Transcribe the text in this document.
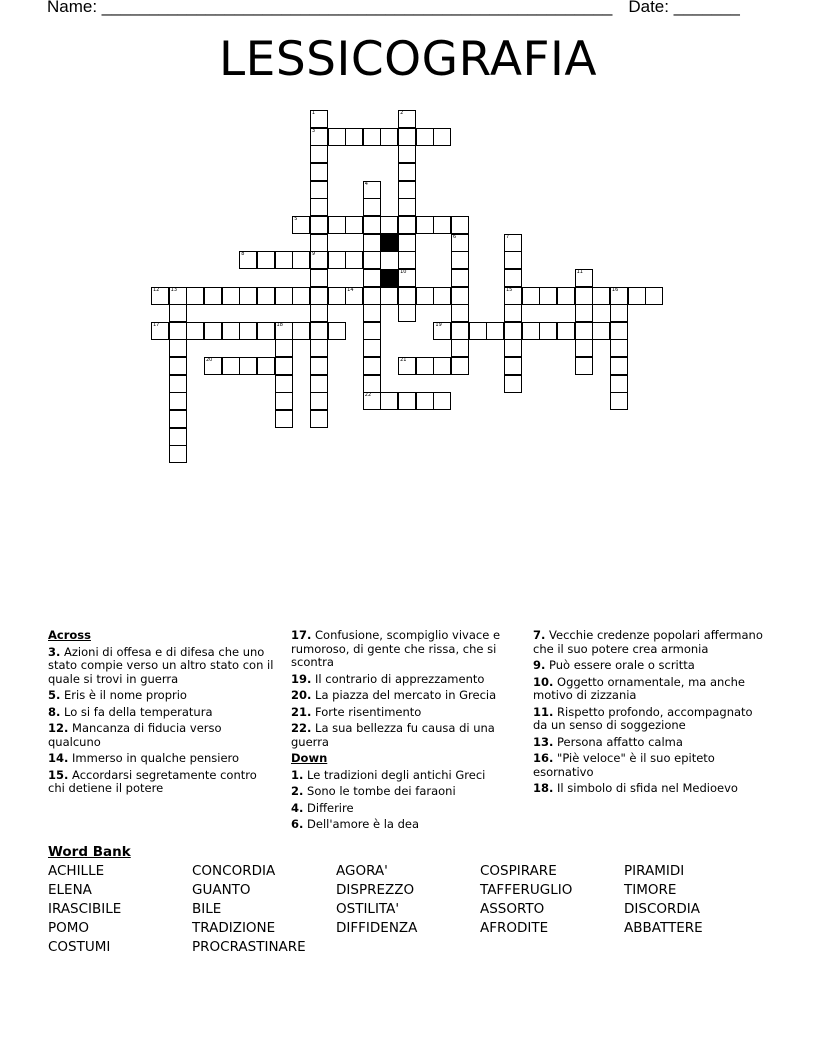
Name: ______________________________________________________ Date: _______
LESSICOGRAFIA
3
5
8	9
12 13	14	15	16
17	18	19
20	21
22
1	2
10
4
6	7
11
Across
3. Azioni di offesa e di difesa che uno stato compie verso un altro stato con il quale si trovi in guerra
5. Eris è il nome proprio
8. Lo si fa della temperatura
12. Mancanza di fiducia verso qualcuno
14. Immerso in qualche pensiero
15. Accordarsi segretamente contro chi detiene il potere
17. Confusione, scompiglio vivace e rumoroso, di gente che rissa, che si scontra
19. Il contrario di apprezzamento
20. La piazza del mercato in Grecia
21. Forte risentimento
22. La sua bellezza fu causa di una guerra
Down
1. Le tradizioni degli antichi Greci
2. Sono le tombe dei faraoni
4. Differire
6. Dell'amore è la dea
7. Vecchie credenze popolari affermano che il suo potere crea armonia
9. Può essere orale o scritta
10. Oggetto ornamentale, ma anche motivo di zizzania
11. Rispetto profondo, accompagnato da un senso di soggezione
13. Persona affatto calma
16. "Piè veloce" è il suo epiteto esornativo
18. Il simbolo di sfida nel Medioevo
Word Bank
ACHILLE	CONCORDIA	AGORA'	COSPIRARE	PIRAMIDI
ELENA	GUANTO	DISPREZZO	TAFFERUGLIO	TIMORE
IRASCIBILE	BILE	OSTILITA'	ASSORTO	DISCORDIA
POMO	TRADIZIONE	DIFFIDENZA	AFRODITE	ABBATTERE
COSTUMI	PROCRASTINARE
